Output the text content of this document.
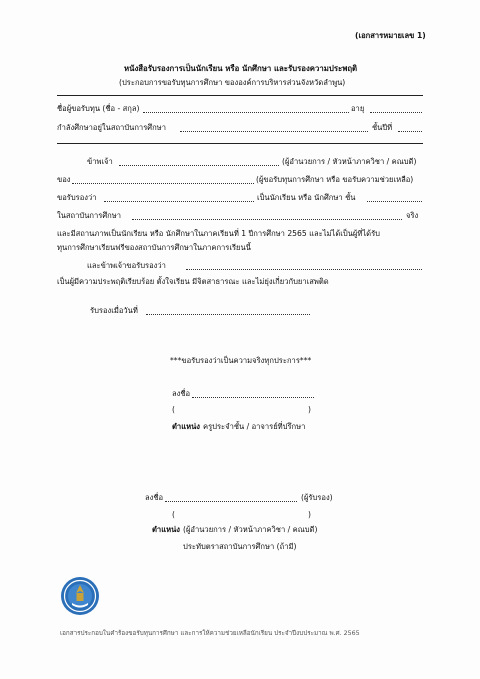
(เอกสารหมายเลข 1)
หนังสือรับรองการเป็นนักเรียน หรือ นักศึกษา และรับรองความประพฤติ
(ประกอบการขอรับทุนการศึกษา ขององค์การบริหารส่วนจังหวัดลำพูน)
ชื่อผู้ขอรับทุน (ชื่อ - สกุล)	อายุ
กำลังศึกษาอยู่ในสถาบันการศึกษา	ชั้นปีที่
ข้าพเจ้า	(ผู้อำนวยการ / หัวหน้าภาควิชา / คณบดี)
ของ	(ผู้ขอรับทุนการศึกษา หรือ ขอรับความช่วยเหลือ)
ขอรับรองว่า	เป็นนักเรียน หรือ นักศึกษา ชั้น
ในสถาบันการศึกษา	จริง
และมีสถานภาพเป็นนักเรียน หรือ นักศึกษาในภาคเรียนที่ 1 ปีการศึกษา 2565 และไม่ได้เป็นผู้ที่ได้รับ
ทุนการศึกษาเรียนฟรีของสถาบันการศึกษาในภาคการเรียนนี้
และข้าพเจ้าขอรับรองว่า
เป็นผู้มีความประพฤติเรียบร้อย ตั้งใจเรียน มีจิตสาธารณะ และไม่ยุ่งเกี่ยวกับยาเสพติด
รับรองเมื่อวันที่
***ขอรับรองว่าเป็นความจริงทุกประการ***
ลงชื่อ
(	)
ตำแหน่ง ครูประจำชั้น / อาจารย์ที่ปรึกษา
ลงชื่อ	(ผู้รับรอง)
(	)
ตำแหน่ง (ผู้อำนวยการ / หัวหน้าภาควิชา / คณบดี)
ประทับตราสถาบันการศึกษา (ถ้ามี)
เอกสารประกอบในคำร้องขอรับทุนการศึกษา และการให้ความช่วยเหลือนักเรียน ประจำปีงบประมาณ พ.ศ. 2565
